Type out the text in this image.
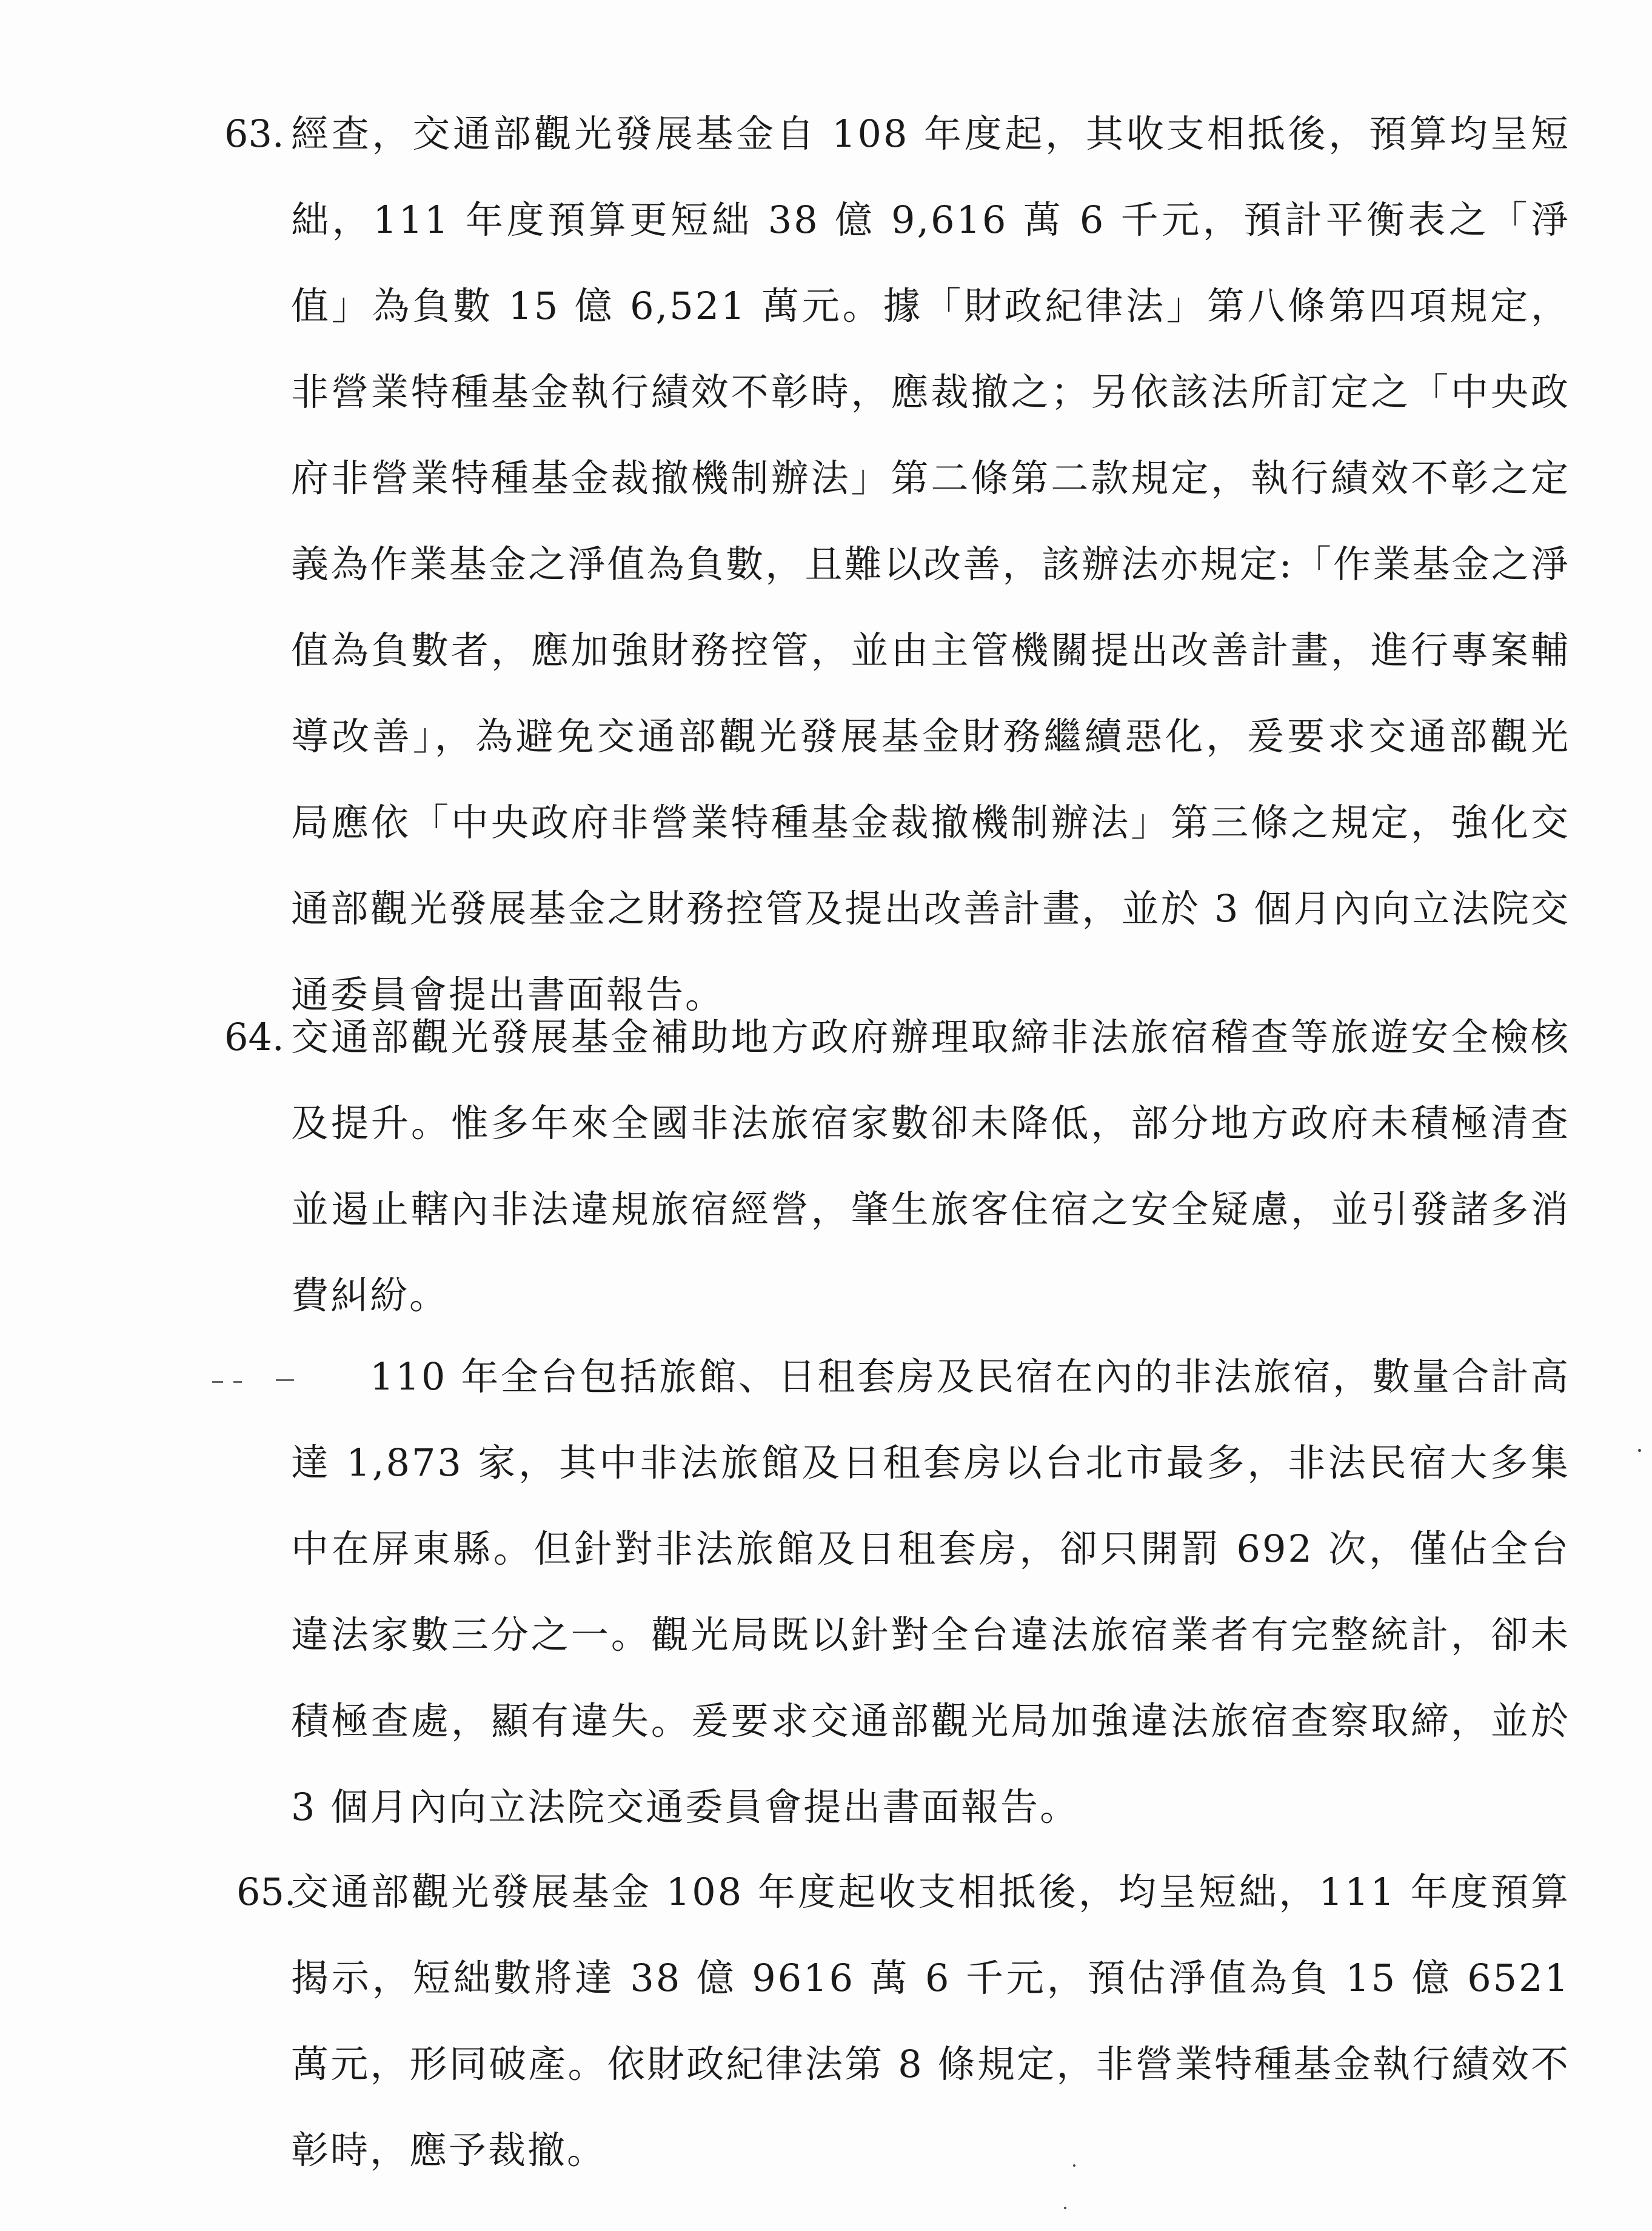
63. 經查，交通部觀光發展基金自 108 年度起，其收支相抵後，預算均呈短絀，111 年度預算更短絀 38 億 9,616 萬 6 千元，預計平衡表之「淨值」為負數 15 億 6,521 萬元。據「財政紀律法」第八條第四項規定，非營業特種基金執行績效不彰時，應裁撤之；另依該法所訂定之「中央政府非營業特種基金裁撤機制辦法」第二條第二款規定，執行績效不彰之定義為作業基金之淨值為負數，且難以改善，該辦法亦規定:「作業基金之淨值為負數者，應加強財務控管，並由主管機關提出改善計畫，進行專案輔導改善」，為避免交通部觀光發展基金財務繼續惡化，爰要求交通部觀光局應依「中央政府非營業特種基金裁撤機制辦法」第三條之規定，強化交通部觀光發展基金之財務控管及提出改善計畫，並於 3 個月內向立法院交通委員會提出書面報告。
64. 交通部觀光發展基金補助地方政府辦理取締非法旅宿稽查等旅遊安全檢核及提升。惟多年來全國非法旅宿家數卻未降低，部分地方政府未積極清查並遏止轄內非法違規旅宿經營，肇生旅客住宿之安全疑慮，並引發諸多消費糾紛。
110 年全台包括旅館、日租套房及民宿在內的非法旅宿，數量合計高達 1,873 家，其中非法旅館及日租套房以台北市最多，非法民宿大多集中在屏東縣。但針對非法旅館及日租套房，卻只開罰 692 次，僅佔全台違法家數三分之一。觀光局既以針對全台違法旅宿業者有完整統計，卻未積極查處，顯有違失。爰要求交通部觀光局加強違法旅宿查察取締，並於 3 個月內向立法院交通委員會提出書面報告。
65.
交通部觀光發展基金 108 年度起收支相抵後，均呈短絀，111 年度預算揭示，短絀數將達 38 億 9616 萬 6 千元，預估淨值為負 15 億 6521 萬元，形同破產。依財政紀律法第 8 條規定，非營業特種基金執行績效不彰時，應予裁撤。
